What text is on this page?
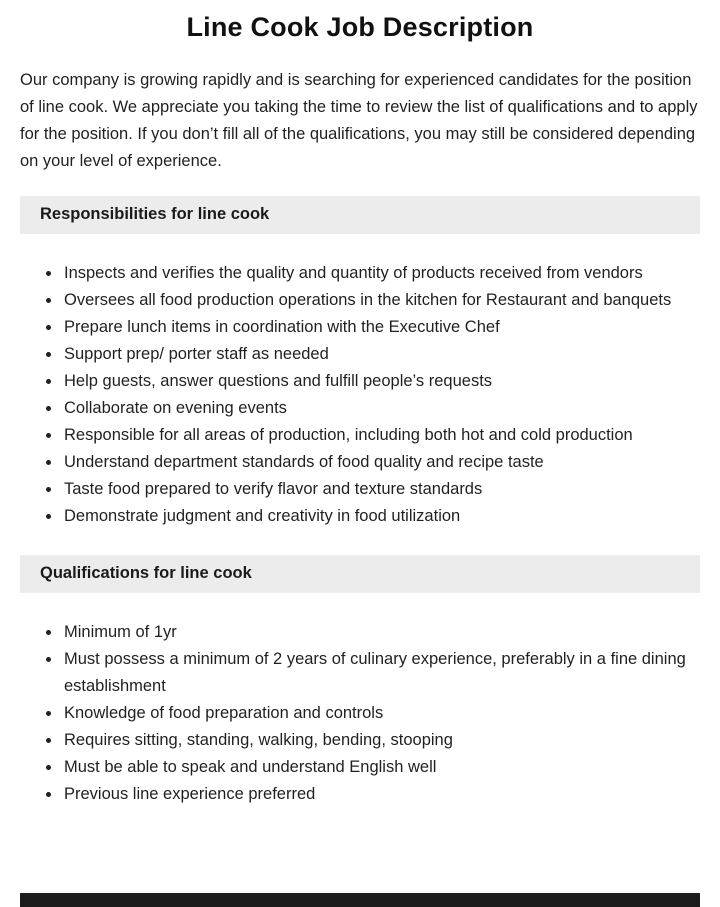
Line Cook Job Description

Our company is growing rapidly and is searching for experienced candidates for the position of line cook. We appreciate you taking the time to review the list of qualifications and to apply for the position. If you don’t fill all of the qualifications, you may still be considered depending on your level of experience.

Responsibilities for line cook
• Inspects and verifies the quality and quantity of products received from vendors
• Oversees all food production operations in the kitchen for Restaurant and banquets
• Prepare lunch items in coordination with the Executive Chef
• Support prep/ porter staff as needed
• Help guests, answer questions and fulfill people’s requests
• Collaborate on evening events
• Responsible for all areas of production, including both hot and cold production
• Understand department standards of food quality and recipe taste
• Taste food prepared to verify flavor and texture standards
• Demonstrate judgment and creativity in food utilization
Qualifications for line cook
• Minimum of 1yr
• Must possess a minimum of 2 years of culinary experience, preferably in a fine dining establishment
• Knowledge of food preparation and controls
• Requires sitting, standing, walking, bending, stooping
• Must be able to speak and understand English well
• Previous line experience preferred
